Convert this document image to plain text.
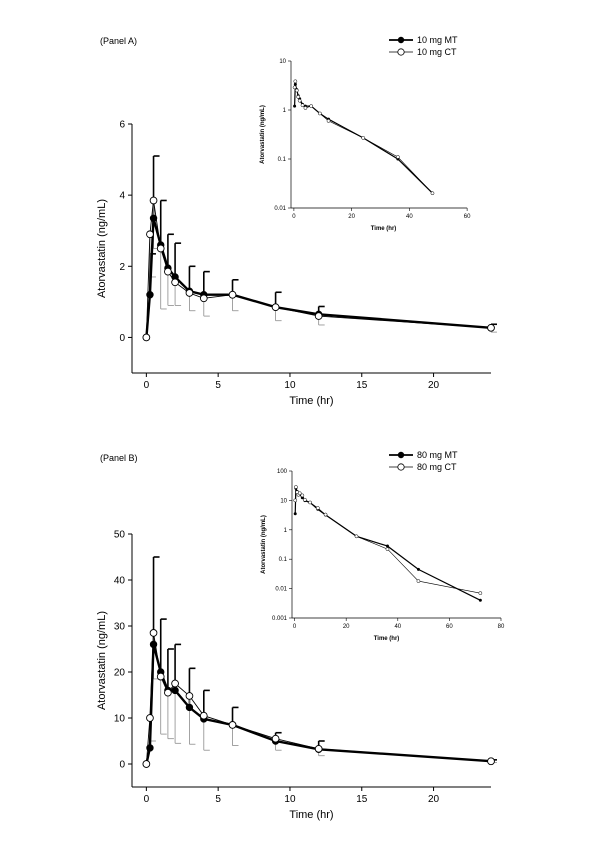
(Panel A)
0
2
4
6
0	5	10	15	20
Time (hr)
Atorvastatin (ng/mL)	0.01
0.1
1
10
0	20	40	60
Time (hr)
Atorvastatin (ng/mL)
10 mg MT
10 mg CT
(Panel B)
0
10
20
30
40
50
0	5	10	15	20
Time (hr)
Atorvastatin (ng/mL)	0.001
0.01
0.1
1
10
100
0	20	40	60	80
Time (hr)
Atorvastatin (ng/mL)
80 mg MT
80 mg CT
